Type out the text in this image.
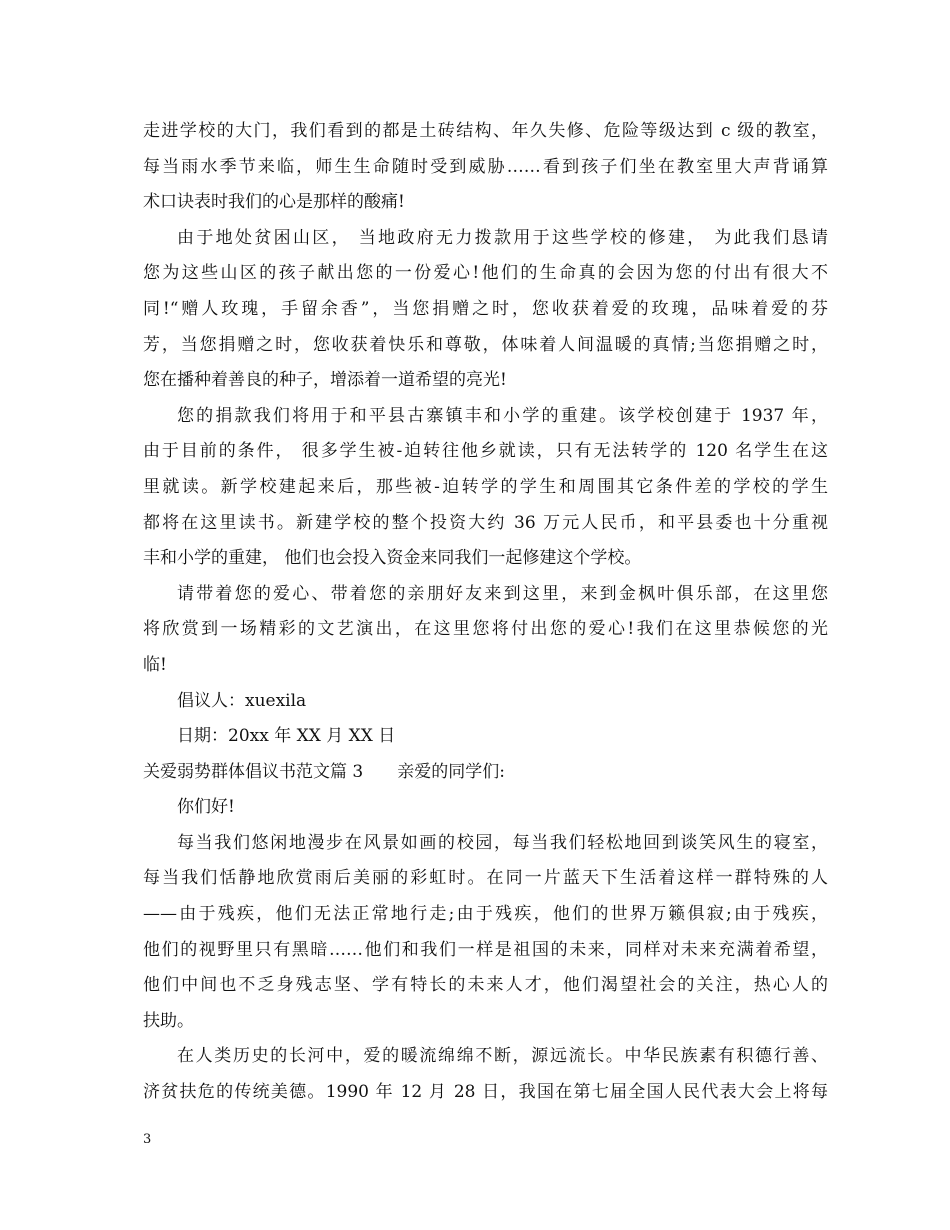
走进学校的大门，我们看到的都是土砖结构、年久失修、危险等级达到 c 级的教室，
每当雨水季节来临，师生生命随时受到威胁……看到孩子们坐在教室里大声背诵算
术口诀表时我们的心是那样的酸痛!
由于地处贫困山区， 当地政府无力拨款用于这些学校的修建， 为此我们恳请
您为这些山区的孩子献出您的一份爱心!他们的生命真的会因为您的付出有很大不
同!“赠人玫瑰，手留余香”，当您捐赠之时，您收获着爱的玫瑰，品味着爱的芬
芳，当您捐赠之时，您收获着快乐和尊敬，体味着人间温暖的真情;当您捐赠之时，
您在播种着善良的种子，增添着一道希望的亮光!
您的捐款我们将用于和平县古寨镇丰和小学的重建。该学校创建于 1937 年，
由于目前的条件， 很多学生被-迫转往他乡就读，只有无法转学的 120 名学生在这
里就读。新学校建起来后，那些被-迫转学的学生和周围其它条件差的学校的学生
都将在这里读书。新建学校的整个投资大约 36 万元人民币，和平县委也十分重视
丰和小学的重建， 他们也会投入资金来同我们一起修建这个学校。
请带着您的爱心、带着您的亲朋好友来到这里，来到金枫叶俱乐部，在这里您
将欣赏到一场精彩的文艺演出，在这里您将付出您的爱心!我们在这里恭候您的光
临!
倡议人：xuexila
日期：20xx 年 XX 月 XX 日
关爱弱势群体倡议书范文篇 3　　亲爱的同学们:
你们好!
每当我们悠闲地漫步在风景如画的校园，每当我们轻松地回到谈笑风生的寝室，
每当我们恬静地欣赏雨后美丽的彩虹时。在同一片蓝天下生活着这样一群特殊的人
——由于残疾，他们无法正常地行走;由于残疾，他们的世界万籁俱寂;由于残疾，
他们的视野里只有黑暗……他们和我们一样是祖国的未来，同样对未来充满着希望，
他们中间也不乏身残志坚、学有特长的未来人才，他们渴望社会的关注，热心人的
扶助。
在人类历史的长河中，爱的暖流绵绵不断，源远流长。中华民族素有积德行善、
济贫扶危的传统美德。1990 年 12 月 28 日，我国在第七届全国人民代表大会上将每
3
